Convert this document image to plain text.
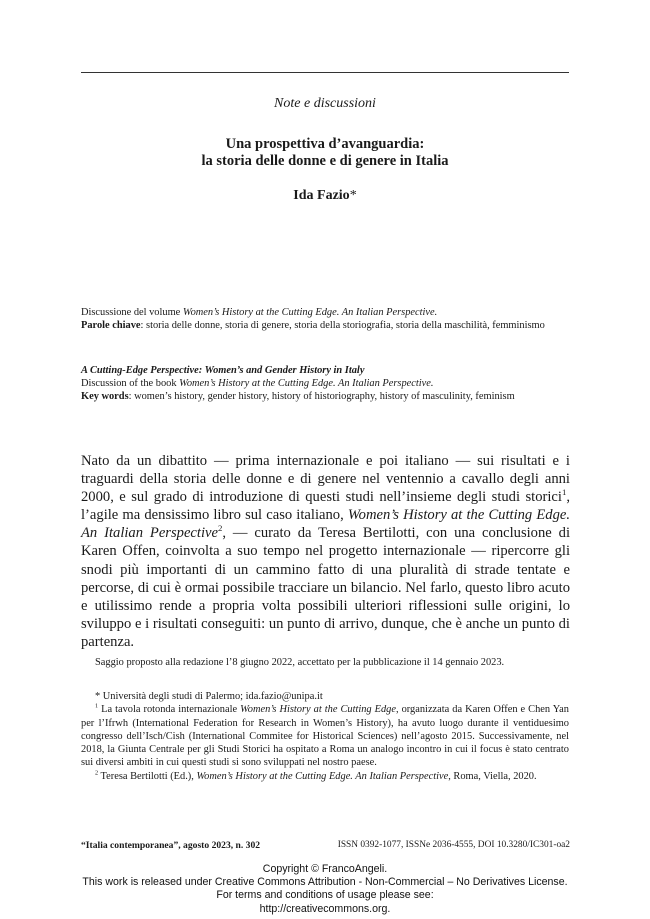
Note e discussioni
Una prospettiva d’avanguardia:
la storia delle donne e di genere in Italia
Ida Fazio*
Discussione del volume Women’s History at the Cutting Edge. An Italian Perspective.
Parole chiave: storia delle donne, storia di genere, storia della storiografia, storia della maschilità, femminismo
A Cutting-Edge Perspective: Women’s and Gender History in Italy
Discussion of the book Women’s History at the Cutting Edge. An Italian Perspective.
Key words: women’s history, gender history, history of historiography, history of masculinity, feminism
Nato da un dibattito — prima internazionale e poi italiano — sui risultati e i traguardi della storia delle donne e di genere nel ventennio a cavallo degli anni 2000, e sul grado di introduzione di questi studi nell’insieme degli studi storici$^1$, l’agile ma densissimo libro sul caso italiano, Women’s History at the Cutting Edge. An Italian Perspective$^2$, — curato da Teresa Bertilotti, con una conclusione di Karen Offen, coinvolta a suo tempo nel progetto internazionale — ripercorre gli snodi più importanti di un cammino fatto di una pluralità di strade tentate e percorse, di cui è ormai possibile tracciare un bilancio. Nel farlo, questo libro acuto e utilissimo rende a propria volta possibili ulteriori riflessioni sulle origini, lo sviluppo e i risultati conseguiti: un punto di arrivo, dunque, che è anche un punto di partenza.
Saggio proposto alla redazione l’8 giugno 2022, accettato per la pubblicazione il 14 gennaio 2023.

* Università degli studi di Palermo; ida.fazio@unipa.it

$^1$ La tavola rotonda internazionale Women’s History at the Cutting Edge, organizzata da Karen Offen e Chen Yan per l’Ifrwh (International Federation for Research in Women’s History), ha avuto luogo durante il ventiduesimo congresso dell’Isch/Cish (International Commitee for Historical Sciences) nell’agosto 2015. Successivamente, nel 2018, la Giunta Centrale per gli Studi Storici ha ospitato a Roma un analogo incontro in cui il focus è stato centrato sui diversi ambiti in cui questi studi si sono sviluppati nel nostro paese.

$^2$ Teresa Bertilotti (Ed.), Women’s History at the Cutting Edge. An Italian Perspective, Roma, Viella, 2020.

“Italia contemporanea”, agosto 2023, n. 302	ISSN 0392-1077, ISSNe 2036-4555, DOI 10.3280/IC301-oa2
Copyright © FrancoAngeli.
This work is released under Creative Commons Attribution - Non-Commercial – No Derivatives License.
For terms and conditions of usage please see:
http://creativecommons.org.
